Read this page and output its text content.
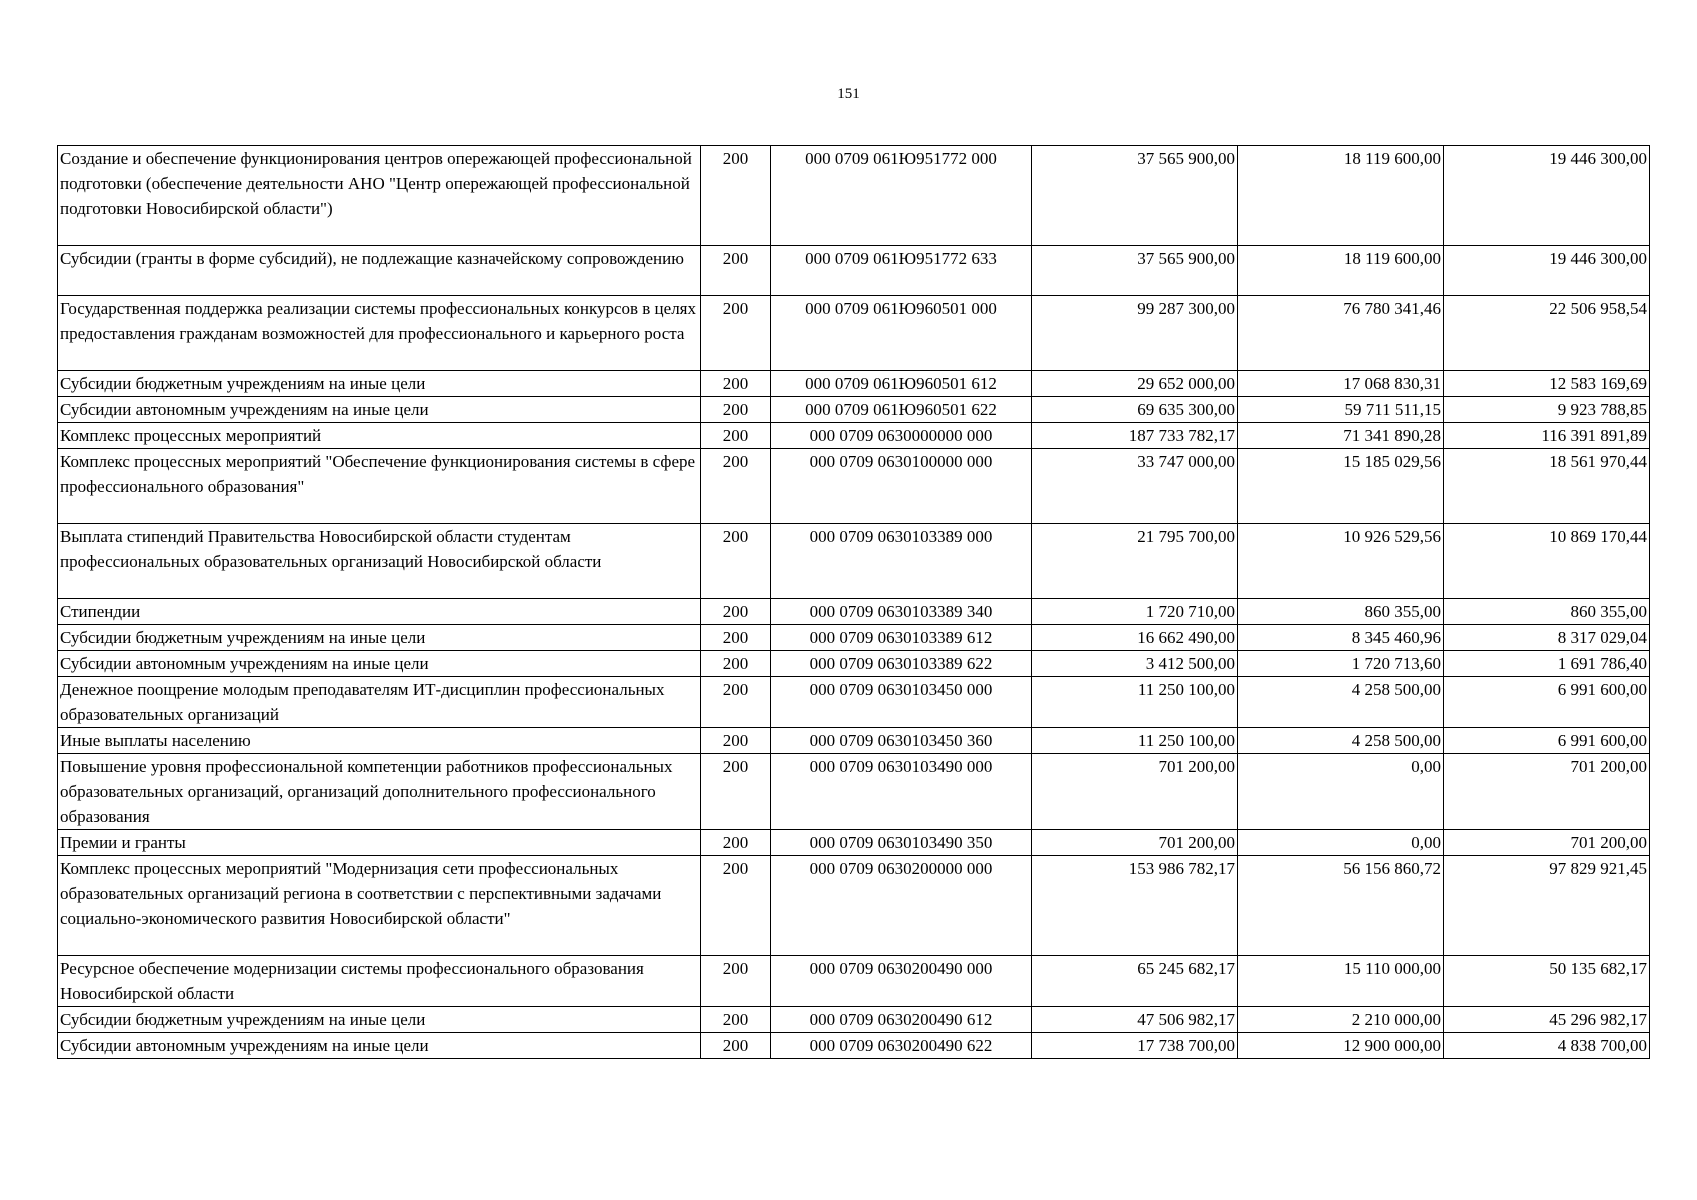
151
Создание и обеспечение функционирования центров опережающей профессиональной подготовки (обеспечение деятельности АНО "Центр опережающей профессиональной подготовки Новосибирской области")	200	000 0709 061Ю951772 000	37 565 900,00	18 119 600,00	19 446 300,00
Субсидии (гранты в форме субсидий), не подлежащие казначейскому сопровождению	200	000 0709 061Ю951772 633	37 565 900,00	18 119 600,00	19 446 300,00
Государственная поддержка реализации системы профессиональных конкурсов в целях предоставления гражданам возможностей для профессионального и карьерного роста	200	000 0709 061Ю960501 000	99 287 300,00	76 780 341,46	22 506 958,54
Субсидии бюджетным учреждениям на иные цели	200	000 0709 061Ю960501 612	29 652 000,00	17 068 830,31	12 583 169,69
Субсидии автономным учреждениям на иные цели	200	000 0709 061Ю960501 622	69 635 300,00	59 711 511,15	9 923 788,85
Комплекс процессных мероприятий	200	000 0709 0630000000 000	187 733 782,17	71 341 890,28	116 391 891,89
Комплекс процессных мероприятий "Обеспечение функционирования системы в сфере профессионального образования"	200	000 0709 0630100000 000	33 747 000,00	15 185 029,56	18 561 970,44
Выплата стипендий Правительства Новосибирской области студентам профессиональных образовательных организаций Новосибирской области	200	000 0709 0630103389 000	21 795 700,00	10 926 529,56	10 869 170,44
Стипендии	200	000 0709 0630103389 340	1 720 710,00	860 355,00	860 355,00
Субсидии бюджетным учреждениям на иные цели	200	000 0709 0630103389 612	16 662 490,00	8 345 460,96	8 317 029,04
Субсидии автономным учреждениям на иные цели	200	000 0709 0630103389 622	3 412 500,00	1 720 713,60	1 691 786,40
Денежное поощрение молодым преподавателям ИТ-дисциплин профессиональных образовательных организаций	200	000 0709 0630103450 000	11 250 100,00	4 258 500,00	6 991 600,00
Иные выплаты населению	200	000 0709 0630103450 360	11 250 100,00	4 258 500,00	6 991 600,00
Повышение уровня профессиональной компетенции работников профессиональных образовательных организаций, организаций дополнительного профессионального образования	200	000 0709 0630103490 000	701 200,00	0,00	701 200,00
Премии и гранты	200	000 0709 0630103490 350	701 200,00	0,00	701 200,00
Комплекс процессных мероприятий "Модернизация сети профессиональных образовательных организаций региона в соответствии с перспективными задачами социально-экономического развития Новосибирской области"	200	000 0709 0630200000 000	153 986 782,17	56 156 860,72	97 829 921,45
Ресурсное обеспечение модернизации системы профессионального образования Новосибирской области	200	000 0709 0630200490 000	65 245 682,17	15 110 000,00	50 135 682,17
Субсидии бюджетным учреждениям на иные цели	200	000 0709 0630200490 612	47 506 982,17	2 210 000,00	45 296 982,17
Субсидии автономным учреждениям на иные цели	200	000 0709 0630200490 622	17 738 700,00	12 900 000,00	4 838 700,00
